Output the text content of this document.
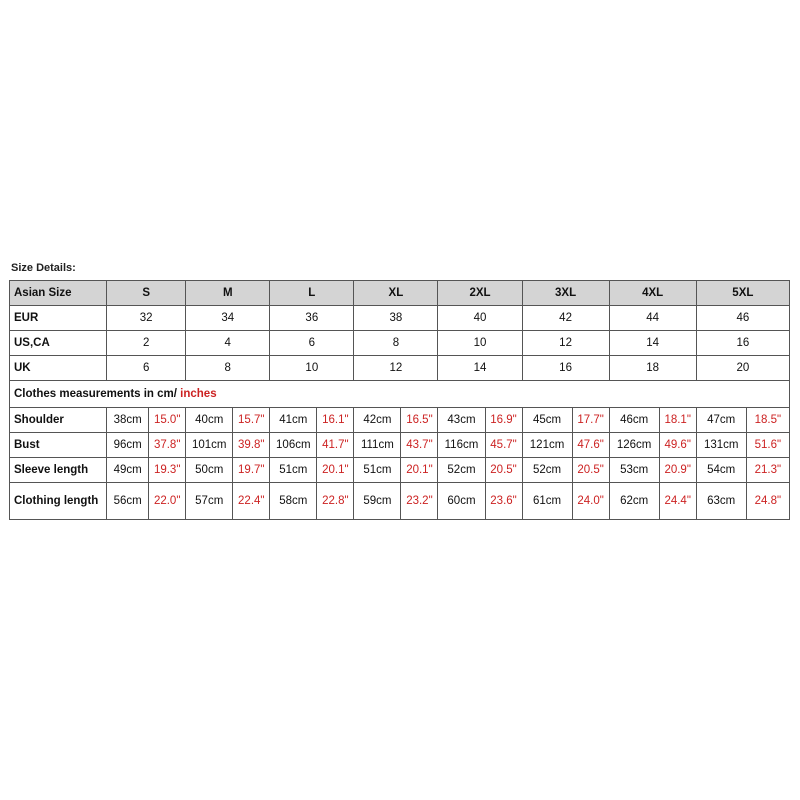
Size Details:
Asian Size	S		M		L		XL		2XL		3XL		4XL		5XL	
EUR	32		34		36		38		40		42		44		46	
US,CA	2		4		6		8		10		12		14		16	
UK	6		8		10		12		14		16		18		20	
Clothes measurements in cm/ inches																
Shoulder	38cm	15.0"	40cm	15.7"	41cm	16.1"	42cm	16.5"	43cm	16.9"	45cm	17.7"	46cm	18.1"	47cm	18.5"
Bust	96cm	37.8"	101cm	39.8"	106cm	41.7"	111cm	43.7"	116cm	45.7"	121cm	47.6"	126cm	49.6"	131cm	51.6"
Sleeve length	49cm	19.3"	50cm	19.7"	51cm	20.1"	51cm	20.1"	52cm	20.5"	52cm	20.5"	53cm	20.9"	54cm	21.3"
Clothing length	56cm	22.0"	57cm	22.4"	58cm	22.8"	59cm	23.2"	60cm	23.6"	61cm	24.0"	62cm	24.4"	63cm	24.8"
